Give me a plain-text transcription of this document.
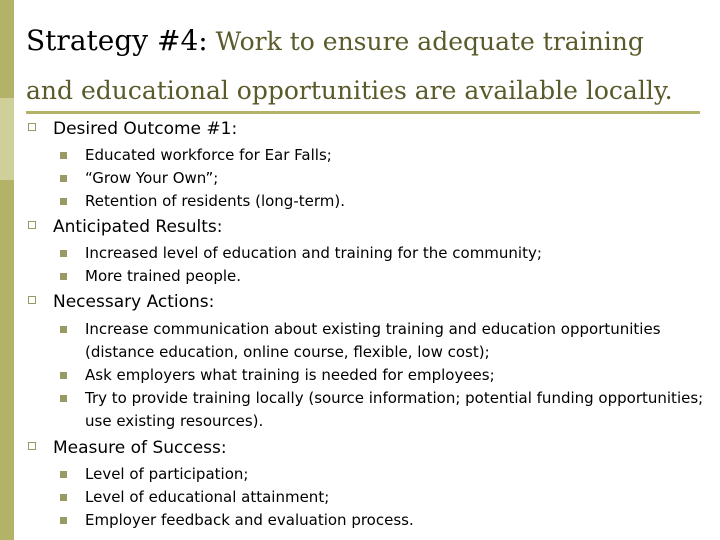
Strategy #4: Work to ensure adequate training
and educational opportunities are available locally.
Desired Outcome #1:
Educated workforce for Ear Falls;
“Grow Your Own”;
Retention of residents (long-term).
Anticipated Results:
Increased level of education and training for the community;
More trained people.
Necessary Actions:
Increase communication about existing training and education opportunities (distance education, online course, flexible, low cost);
Ask employers what training is needed for employees;
Try to provide training locally (source information; potential funding opportunities; use existing resources).
Measure of Success:
Level of participation;
Level of educational attainment;
Employer feedback and evaluation process.
